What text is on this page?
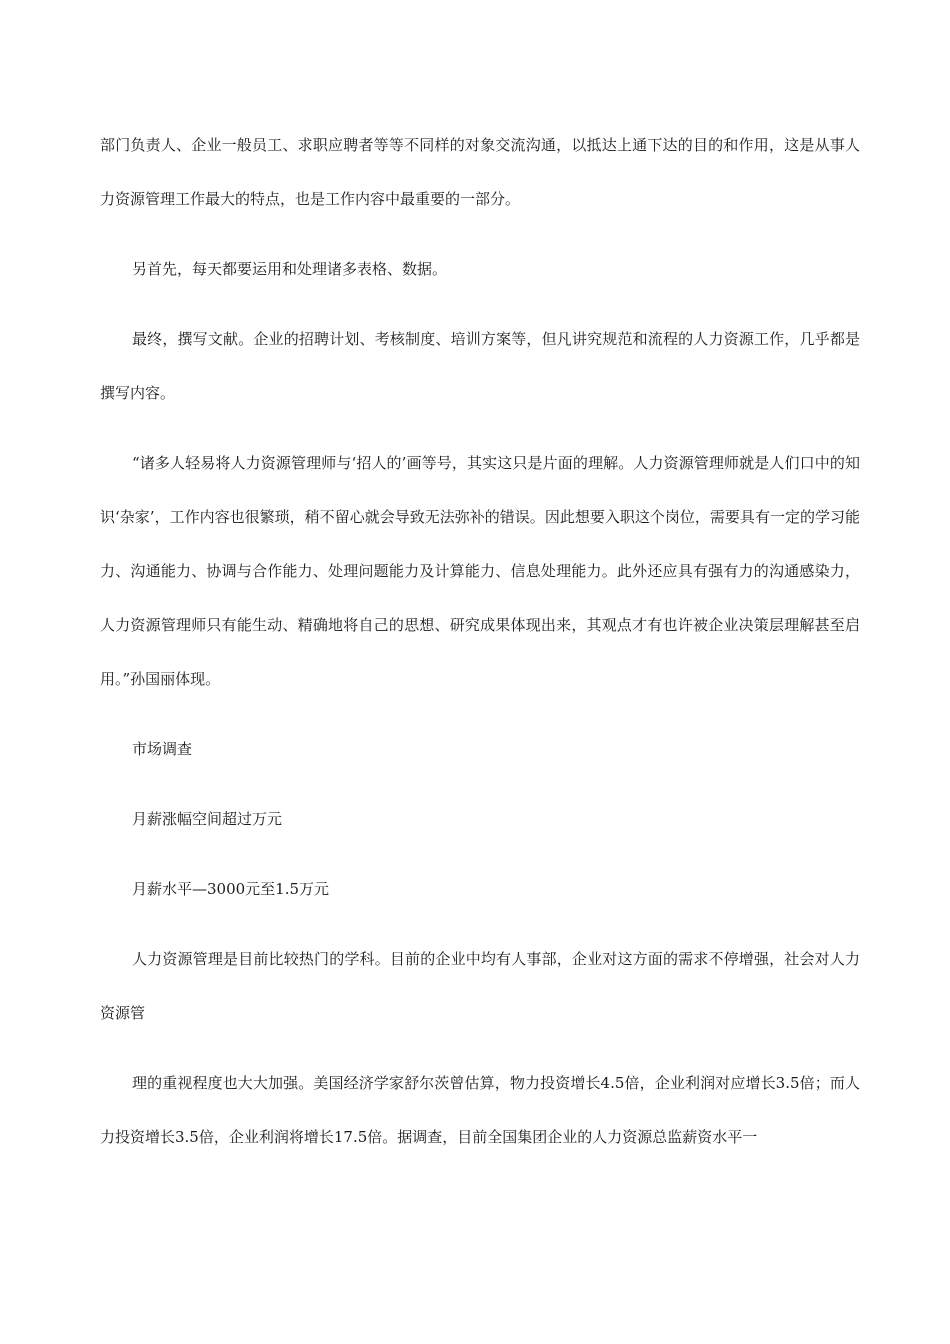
部门负责人、企业一般员工、求职应聘者等等不同样的对象交流沟通，以抵达上通下达的目的和作用，这是从事人力资源管理工作最大的特点，也是工作内容中最重要的一部分。

另首先，每天都要运用和处理诸多表格、数据。

最终，撰写文献。企业的招聘计划、考核制度、培训方案等，但凡讲究规范和流程的人力资源工作，几乎都是撰写内容。

“诸多人轻易将人力资源管理师与‘招人的’画等号，其实这只是片面的理解。人力资源管理师就是人们口中的知识‘杂家’，工作内容也很繁琐，稍不留心就会导致无法弥补的错误。因此想要入职这个岗位，需要具有一定的学习能力、沟通能力、协调与合作能力、处理问题能力及计算能力、信息处理能力。此外还应具有强有力的沟通感染力，人力资源管理师只有能生动、精确地将自己的思想、研究成果体现出来，其观点才有也许被企业决策层理解甚至启用。”孙国丽体现。

市场调查

月薪涨幅空间超过万元

月薪水平—3000元至1.5万元

人力资源管理是目前比较热门的学科。目前的企业中均有人事部，企业对这方面的需求不停增强，社会对人力资源管

理的重视程度也大大加强。美国经济学家舒尔茨曾估算，物力投资增长4.5倍，企业利润对应增长3.5倍；而人力投资增长3.5倍，企业利润将增长17.5倍。据调查，目前全国集团企业的人力资源总监薪资水平一
